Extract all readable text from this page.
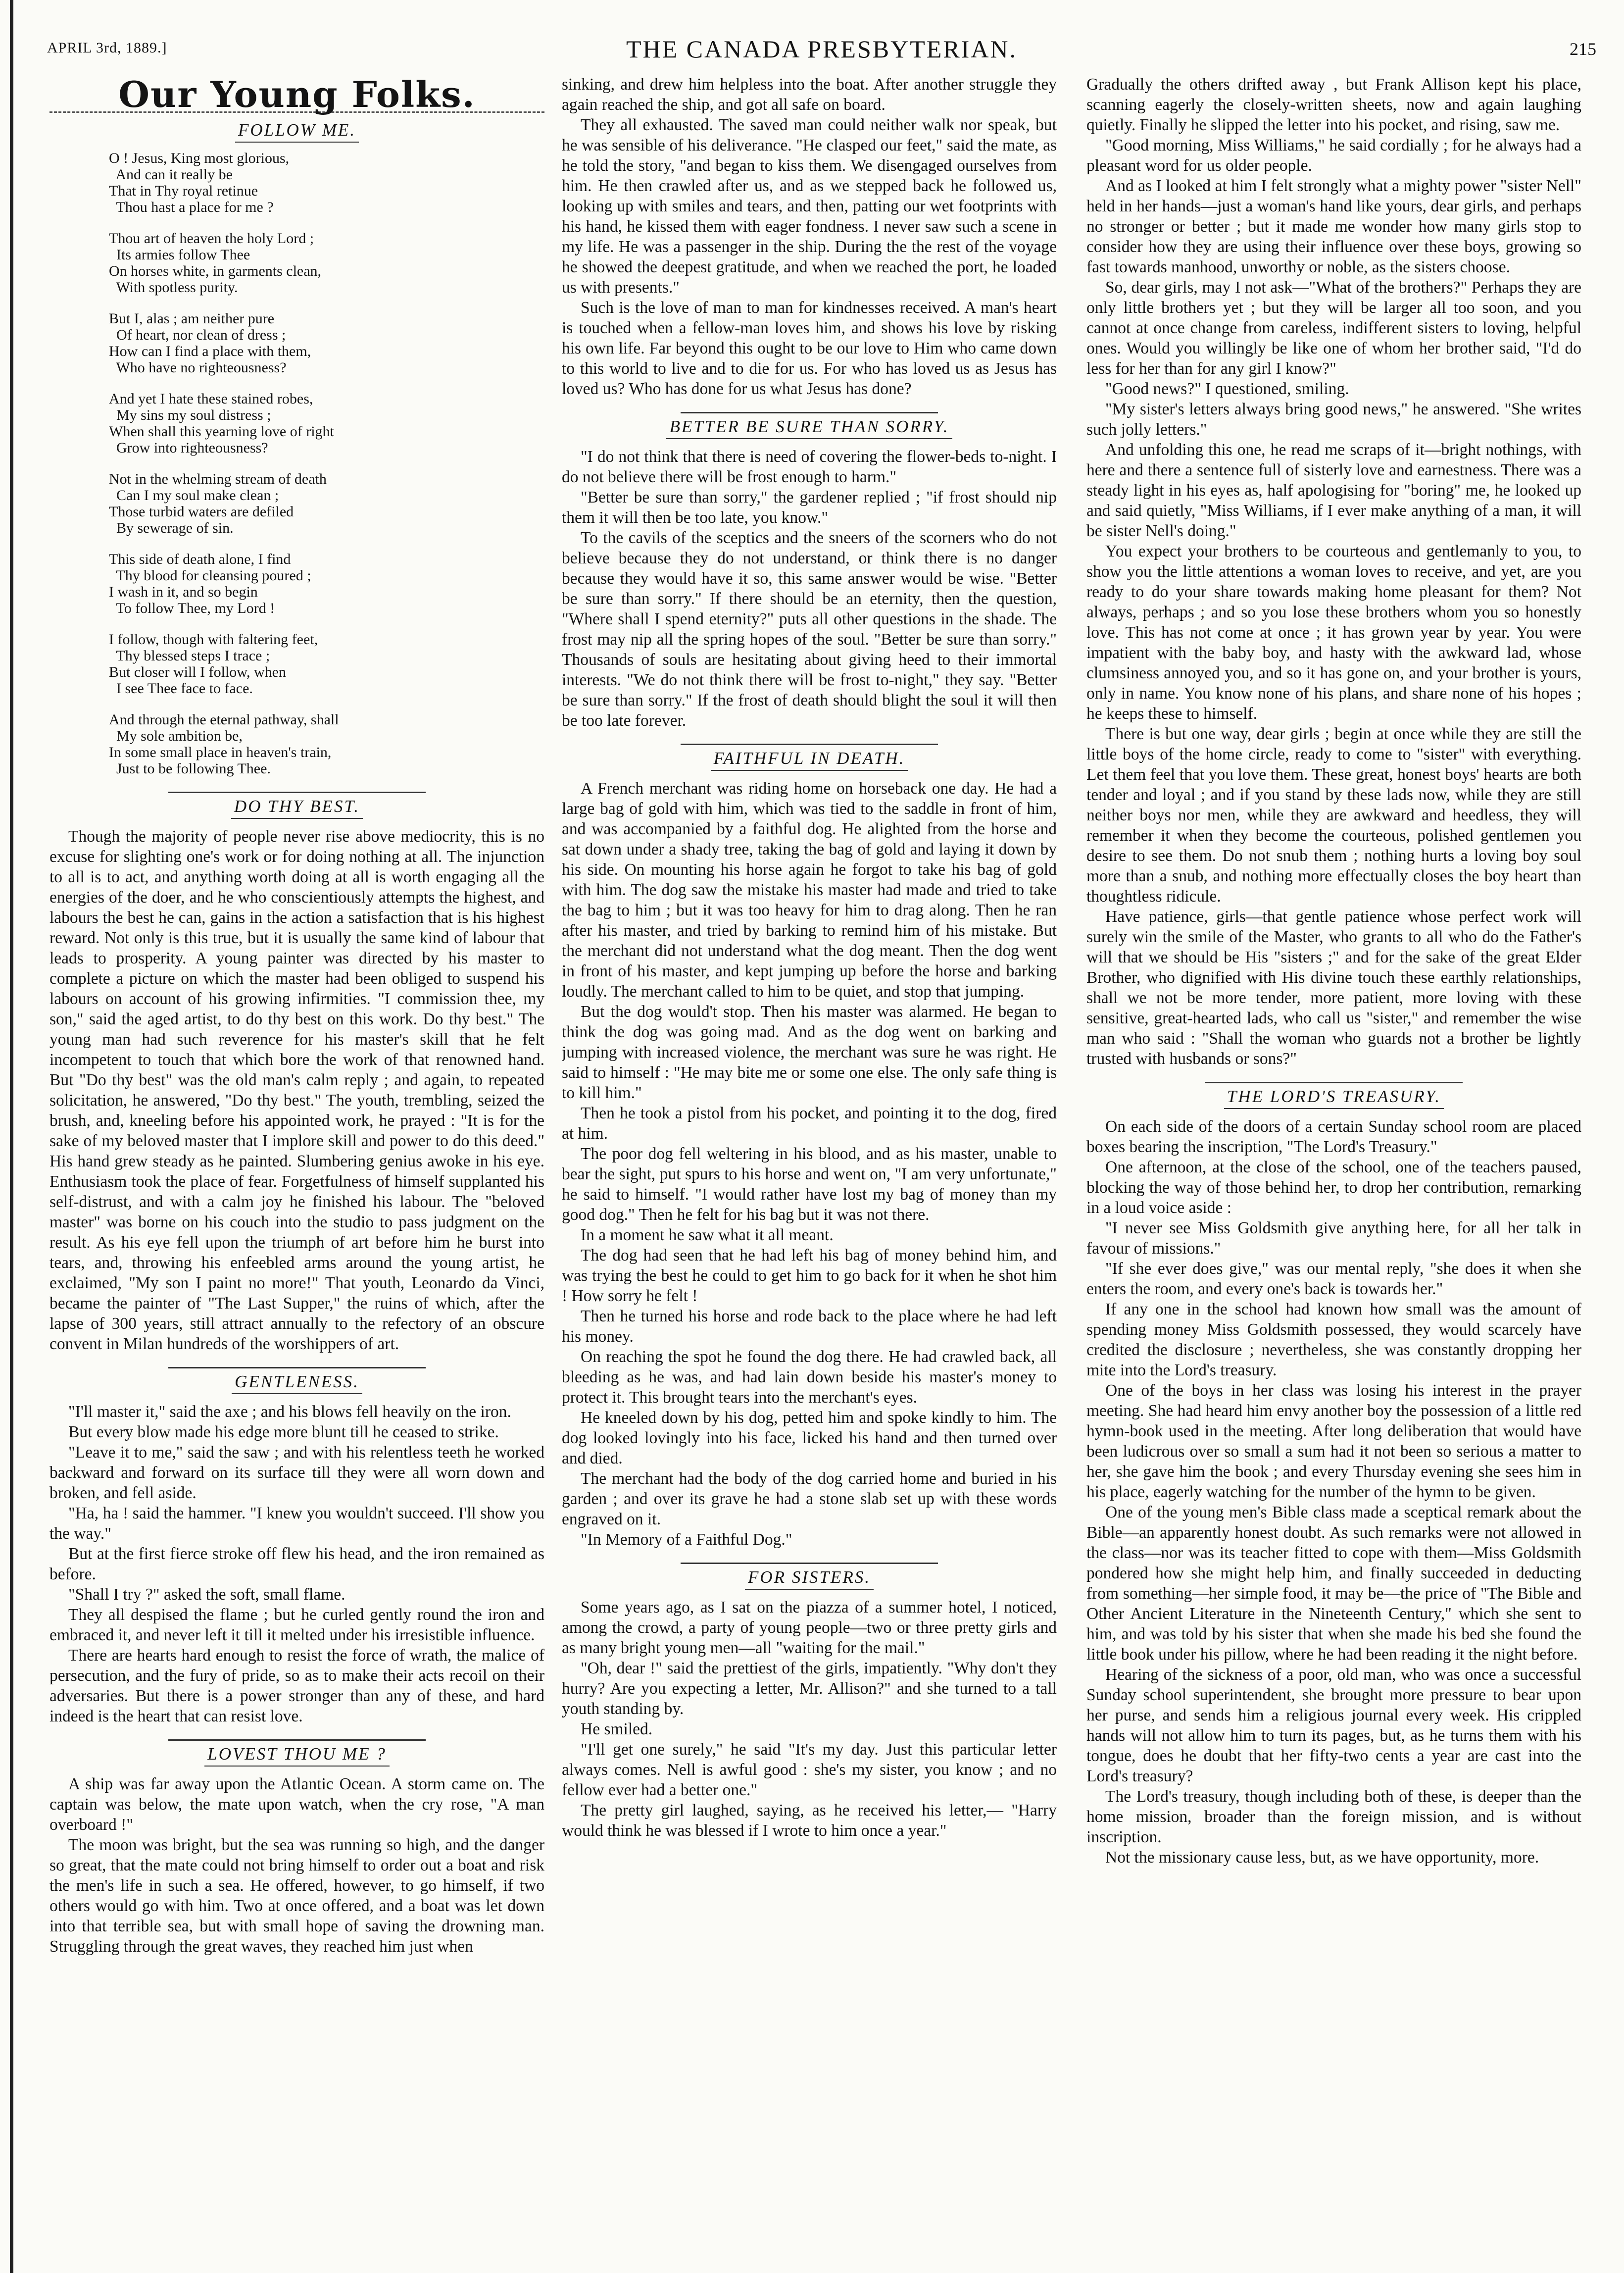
APRIL 3rd, 1889.]	THE CANADA PRESBYTERIAN.	215
Our Young Folks.
FOLLOW ME.
O ! Jesus, King most glorious,
And can it really be
That in Thy royal retinue
Thou hast a place for me ?
Thou art of heaven the holy Lord ;
Its armies follow Thee
On horses white, in garments clean,
With spotless purity.
But I, alas ; am neither pure
Of heart, nor clean of dress ;
How can I find a place with them,
Who have no righteousness?
And yet I hate these stained robes,
My sins my soul distress ;
When shall this yearning love of right
Grow into righteousness?
Not in the whelming stream of death
Can I my soul make clean ;
Those turbid waters are defiled
By sewerage of sin.
This side of death alone, I find
Thy blood for cleansing poured ;
I wash in it, and so begin
To follow Thee, my Lord !
I follow, though with faltering feet,
Thy blessed steps I trace ;
But closer will I follow, when
I see Thee face to face.
And through the eternal pathway, shall
My sole ambition be,
In some small place in heaven's train,
Just to be following Thee.
DO THY BEST.

Though the majority of people never rise above mediocrity, this is no excuse for slighting one's work or for doing nothing at all. The injunction to all is to act, and anything worth doing at all is worth engaging all the energies of the doer, and he who conscientiously attempts the highest, and labours the best he can, gains in the action a satisfaction that is his highest reward. Not only is this true, but it is usually the same kind of labour that leads to prosperity. A young painter was directed by his master to complete a picture on which the master had been obliged to suspend his labours on account of his growing infirmities. "I commission thee, my son," said the aged artist, to do thy best on this work. Do thy best." The young man had such reverence for his master's skill that he felt incompetent to touch that which bore the work of that renowned hand. But "Do thy best" was the old man's calm reply ; and again, to repeated solicitation, he answered, "Do thy best." The youth, trembling, seized the brush, and, kneeling before his appointed work, he prayed : "It is for the sake of my beloved master that I implore skill and power to do this deed." His hand grew steady as he painted. Slumbering genius awoke in his eye. Enthusiasm took the place of fear. Forgetfulness of himself supplanted his self-distrust, and with a calm joy he finished his labour. The "beloved master" was borne on his couch into the studio to pass judgment on the result. As his eye fell upon the triumph of art before him he burst into tears, and, throwing his enfeebled arms around the young artist, he exclaimed, "My son I paint no more!" That youth, Leonardo da Vinci, became the painter of "The Last Supper," the ruins of which, after the lapse of 300 years, still attract annually to the refectory of an obscure convent in Milan hundreds of the worshippers of art.

GENTLENESS.

"I'll master it," said the axe ; and his blows fell heavily on the iron.

But every blow made his edge more blunt till he ceased to strike.

"Leave it to me," said the saw ; and with his relentless teeth he worked backward and forward on its surface till they were all worn down and broken, and fell aside.

"Ha, ha ! said the hammer. "I knew you wouldn't succeed. I'll show you the way."

But at the first fierce stroke off flew his head, and the iron remained as before.

"Shall I try ?" asked the soft, small flame.

They all despised the flame ; but he curled gently round the iron and embraced it, and never left it till it melted under his irresistible influence.

There are hearts hard enough to resist the force of wrath, the malice of persecution, and the fury of pride, so as to make their acts recoil on their adversaries. But there is a power stronger than any of these, and hard indeed is the heart that can resist love.

LOVEST THOU ME ?

A ship was far away upon the Atlantic Ocean. A storm came on. The captain was below, the mate upon watch, when the cry rose, "A man overboard !"

The moon was bright, but the sea was running so high, and the danger so great, that the mate could not bring himself to order out a boat and risk the men's life in such a sea. He offered, however, to go himself, if two others would go with him. Two at once offered, and a boat was let down into that terrible sea, but with small hope of saving the drowning man. Struggling through the great waves, they reached him just when

sinking, and drew him helpless into the boat. After another struggle they again reached the ship, and got all safe on board.

They all exhausted. The saved man could neither walk nor speak, but he was sensible of his deliverance. "He clasped our feet," said the mate, as he told the story, "and began to kiss them. We disengaged ourselves from him. He then crawled after us, and as we stepped back he followed us, looking up with smiles and tears, and then, patting our wet footprints with his hand, he kissed them with eager fondness. I never saw such a scene in my life. He was a passenger in the ship. During the the rest of the voyage he showed the deepest gratitude, and when we reached the port, he loaded us with presents."

Such is the love of man to man for kindnesses received. A man's heart is touched when a fellow-man loves him, and shows his love by risking his own life. Far beyond this ought to be our love to Him who came down to this world to live and to die for us. For who has loved us as Jesus has loved us? Who has done for us what Jesus has done?

BETTER BE SURE THAN SORRY.

"I do not think that there is need of covering the flower-beds to-night. I do not believe there will be frost enough to harm."

"Better be sure than sorry," the gardener replied ; "if frost should nip them it will then be too late, you know."

To the cavils of the sceptics and the sneers of the scorners who do not believe because they do not understand, or think there is no danger because they would have it so, this same answer would be wise. "Better be sure than sorry." If there should be an eternity, then the question, "Where shall I spend eternity?" puts all other questions in the shade. The frost may nip all the spring hopes of the soul. "Better be sure than sorry." Thousands of souls are hesitating about giving heed to their immortal interests. "We do not think there will be frost to-night," they say. "Better be sure than sorry." If the frost of death should blight the soul it will then be too late forever.

FAITHFUL IN DEATH.

A French merchant was riding home on horseback one day. He had a large bag of gold with him, which was tied to the saddle in front of him, and was accompanied by a faithful dog. He alighted from the horse and sat down under a shady tree, taking the bag of gold and laying it down by his side. On mounting his horse again he forgot to take his bag of gold with him. The dog saw the mistake his master had made and tried to take the bag to him ; but it was too heavy for him to drag along. Then he ran after his master, and tried by barking to remind him of his mistake. But the merchant did not understand what the dog meant. Then the dog went in front of his master, and kept jumping up before the horse and barking loudly. The merchant called to him to be quiet, and stop that jumping.

But the dog would't stop. Then his master was alarmed. He began to think the dog was going mad. And as the dog went on barking and jumping with increased violence, the merchant was sure he was right. He said to himself : "He may bite me or some one else. The only safe thing is to kill him."

Then he took a pistol from his pocket, and pointing it to the dog, fired at him.

The poor dog fell weltering in his blood, and as his master, unable to bear the sight, put spurs to his horse and went on, "I am very unfortunate," he said to himself. "I would rather have lost my bag of money than my good dog." Then he felt for his bag but it was not there.

In a moment he saw what it all meant.

The dog had seen that he had left his bag of money behind him, and was trying the best he could to get him to go back for it when he shot him ! How sorry he felt !

Then he turned his horse and rode back to the place where he had left his money.

On reaching the spot he found the dog there. He had crawled back, all bleeding as he was, and had lain down beside his master's money to protect it. This brought tears into the merchant's eyes.

He kneeled down by his dog, petted him and spoke kindly to him. The dog looked lovingly into his face, licked his hand and then turned over and died.

The merchant had the body of the dog carried home and buried in his garden ; and over its grave he had a stone slab set up with these words engraved on it.

"In Memory of a Faithful Dog."

FOR SISTERS.

Some years ago, as I sat on the piazza of a summer hotel, I noticed, among the crowd, a party of young people—two or three pretty girls and as many bright young men—all "waiting for the mail."

"Oh, dear !" said the prettiest of the girls, impatiently. "Why don't they hurry? Are you expecting a letter, Mr. Allison?" and she turned to a tall youth standing by.

He smiled.

"I'll get one surely," he said "It's my day. Just this particular letter always comes. Nell is awful good : she's my sister, you know ; and no fellow ever had a better one."

The pretty girl laughed, saying, as he received his letter,— "Harry would think he was blessed if I wrote to him once a year."

Gradually the others drifted away , but Frank Allison kept his place, scanning eagerly the closely-written sheets, now and again laughing quietly. Finally he slipped the letter into his pocket, and rising, saw me.

"Good morning, Miss Williams," he said cordially ; for he always had a pleasant word for us older people.

And as I looked at him I felt strongly what a mighty power "sister Nell" held in her hands—just a woman's hand like yours, dear girls, and perhaps no stronger or better ; but it made me wonder how many girls stop to consider how they are using their influence over these boys, growing so fast towards manhood, unworthy or noble, as the sisters choose.

So, dear girls, may I not ask—"What of the brothers?" Perhaps they are only little brothers yet ; but they will be larger all too soon, and you cannot at once change from careless, indifferent sisters to loving, helpful ones. Would you willingly be like one of whom her brother said, "I'd do less for her than for any girl I know?"

"Good news?" I questioned, smiling.

"My sister's letters always bring good news," he answered. "She writes such jolly letters."

And unfolding this one, he read me scraps of it—bright nothings, with here and there a sentence full of sisterly love and earnestness. There was a steady light in his eyes as, half apologising for "boring" me, he looked up and said quietly, "Miss Williams, if I ever make anything of a man, it will be sister Nell's doing."

You expect your brothers to be courteous and gentlemanly to you, to show you the little attentions a woman loves to receive, and yet, are you ready to do your share towards making home pleasant for them? Not always, perhaps ; and so you lose these brothers whom you so honestly love. This has not come at once ; it has grown year by year. You were impatient with the baby boy, and hasty with the awkward lad, whose clumsiness annoyed you, and so it has gone on, and your brother is yours, only in name. You know none of his plans, and share none of his hopes ; he keeps these to himself.

There is but one way, dear girls ; begin at once while they are still the little boys of the home circle, ready to come to "sister" with everything. Let them feel that you love them. These great, honest boys' hearts are both tender and loyal ; and if you stand by these lads now, while they are still neither boys nor men, while they are awkward and heedless, they will remember it when they become the courteous, polished gentlemen you desire to see them. Do not snub them ; nothing hurts a loving boy soul more than a snub, and nothing more effectually closes the boy heart than thoughtless ridicule.

Have patience, girls—that gentle patience whose perfect work will surely win the smile of the Master, who grants to all who do the Father's will that we should be His "sisters ;" and for the sake of the great Elder Brother, who dignified with His divine touch these earthly relationships, shall we not be more tender, more patient, more loving with these sensitive, great-hearted lads, who call us "sister," and remember the wise man who said : "Shall the woman who guards not a brother be lightly trusted with husbands or sons?"

THE LORD'S TREASURY.

On each side of the doors of a certain Sunday school room are placed boxes bearing the inscription, "The Lord's Treasury."

One afternoon, at the close of the school, one of the teachers paused, blocking the way of those behind her, to drop her contribution, remarking in a loud voice aside :

"I never see Miss Goldsmith give anything here, for all her talk in favour of missions."

"If she ever does give," was our mental reply, "she does it when she enters the room, and every one's back is towards her."

If any one in the school had known how small was the amount of spending money Miss Goldsmith possessed, they would scarcely have credited the disclosure ; nevertheless, she was constantly dropping her mite into the Lord's treasury.

One of the boys in her class was losing his interest in the prayer meeting. She had heard him envy another boy the possession of a little red hymn-book used in the meeting. After long deliberation that would have been ludicrous over so small a sum had it not been so serious a matter to her, she gave him the book ; and every Thursday evening she sees him in his place, eagerly watching for the number of the hymn to be given.

One of the young men's Bible class made a sceptical remark about the Bible—an apparently honest doubt. As such remarks were not allowed in the class—nor was its teacher fitted to cope with them—Miss Goldsmith pondered how she might help him, and finally succeeded in deducting from something—her simple food, it may be—the price of "The Bible and Other Ancient Literature in the Nineteenth Century," which she sent to him, and was told by his sister that when she made his bed she found the little book under his pillow, where he had been reading it the night before.

Hearing of the sickness of a poor, old man, who was once a successful Sunday school superintendent, she brought more pressure to bear upon her purse, and sends him a religious journal every week. His crippled hands will not allow him to turn its pages, but, as he turns them with his tongue, does he doubt that her fifty-two cents a year are cast into the Lord's treasury?

The Lord's treasury, though including both of these, is deeper than the home mission, broader than the foreign mission, and is without inscription.

Not the missionary cause less, but, as we have opportunity, more.
